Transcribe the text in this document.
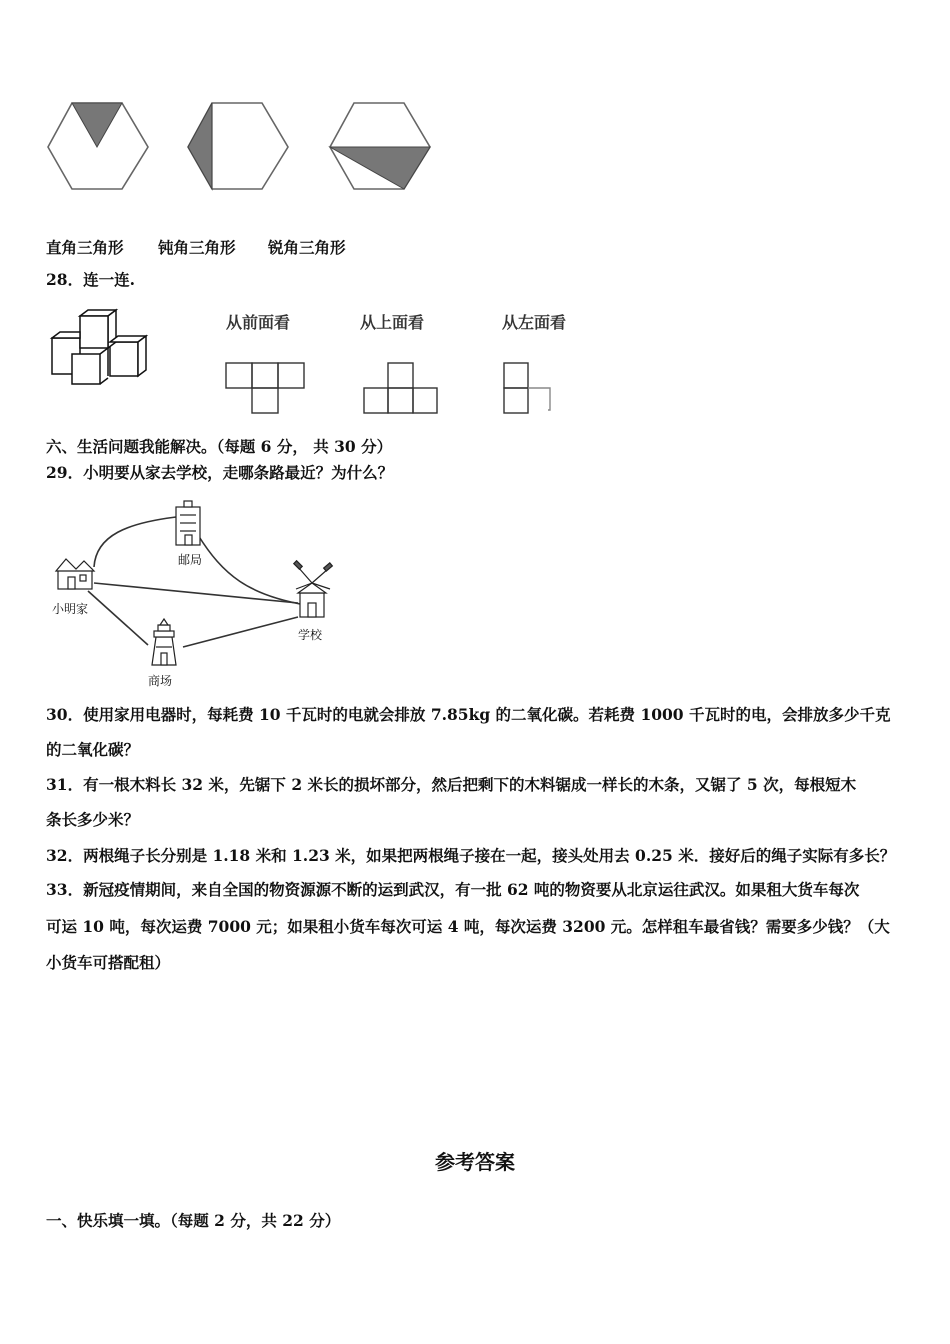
直角三角形 钝角三角形 锐角三角形
28．连一连.
从前面看	从上面看	从左面看
六、生活问题我能解决。（每题 6 分， 共 30 分）
29．小明要从家去学校，走哪条路最近？为什么？
邮局
小明家
学校
商场
30．使用家用电器时，每耗费 10 千瓦时的电就会排放 7.85kg 的二氧化碳。若耗费 1000 千瓦时的电，会排放多少千克
的二氧化碳？
31．有一根木料长 32 米，先锯下 2 米长的损坏部分，然后把剩下的木料锯成一样长的木条，又锯了 5 次，每根短木
条长多少米？
32．两根绳子长分别是 1.18 米和 1.23 米，如果把两根绳子接在一起，接头处用去 0.25 米．接好后的绳子实际有多长？
33．新冠疫情期间，来自全国的物资源源不断的运到武汉，有一批 62 吨的物资要从北京运往武汉。如果租大货车每次
可运 10 吨，每次运费 7000 元；如果租小货车每次可运 4 吨，每次运费 3200 元。怎样租车最省钱？需要多少钱？（大
小货车可搭配租）
参考答案
一、快乐填一填。（每题 2 分，共 22 分）
